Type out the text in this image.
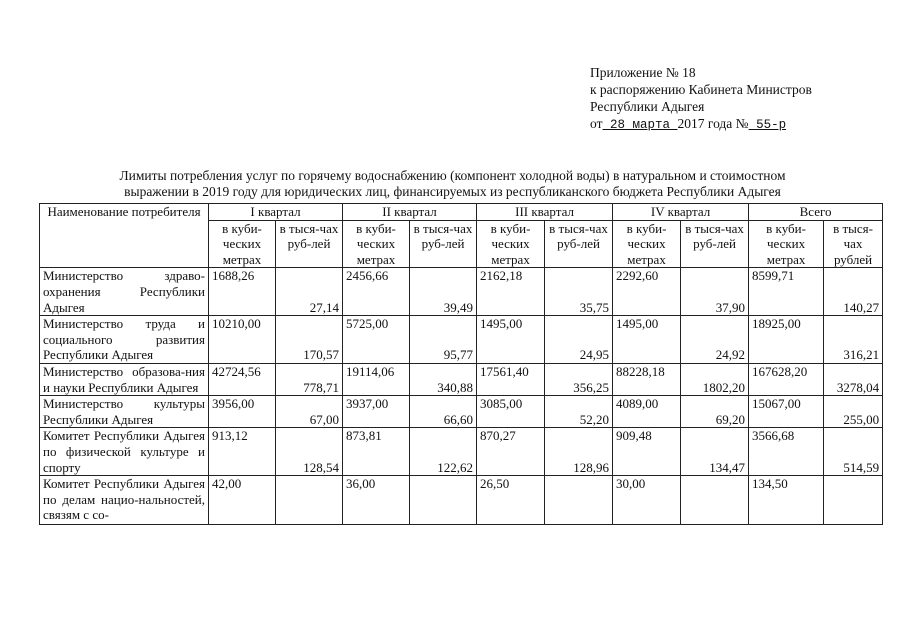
Приложение № 18
к распоряжению Кабинета Министров
Республики Адыгея
от 28 марта 2017 года № 55-р
Лимиты потребления услуг по горячему водоснабжению (компонент холодной воды) в натуральном и стоимостном
выражении в 2019 году для юридических лиц, финансируемых из республиканского бюджета Республики Адыгея
Наименование потребителя	I квартал		II квартал		III квартал		IV квартал		Всего	
	в куби-ческих метрах	в тыся-чах руб-лей	в куби-ческих метрах	в тыся-чах руб-лей	в куби-ческих метрах	в тыся-чах руб-лей	в куби-ческих метрах	в тыся-чах руб-лей	в куби-ческих метрах	в тыся-чах рублей
Министерство здраво-охранения Республики Адыгея	1688,26	27,14	2456,66	39,49	2162,18	35,75	2292,60	37,90	8599,71	140,27
Министерство труда и социального развития Республики Адыгея	10210,00	170,57	5725,00	95,77	1495,00	24,95	1495,00	24,92	18925,00	316,21
Министерство образова-ния и науки Республики Адыгея	42724,56	778,71	19114,06	340,88	17561,40	356,25	88228,18	1802,20	167628,20	3278,04
Министерство культуры Республики Адыгея	3956,00	67,00	3937,00	66,60	3085,00	52,20	4089,00	69,20	15067,00	255,00
Комитет Республики Адыгея по физической культуре и спорту	913,12	128,54	873,81	122,62	870,27	128,96	909,48	134,47	3566,68	514,59
Комитет Республики Адыгея по делам нацио-нальностей, связям с со-	42,00		36,00		26,50		30,00		134,50	
